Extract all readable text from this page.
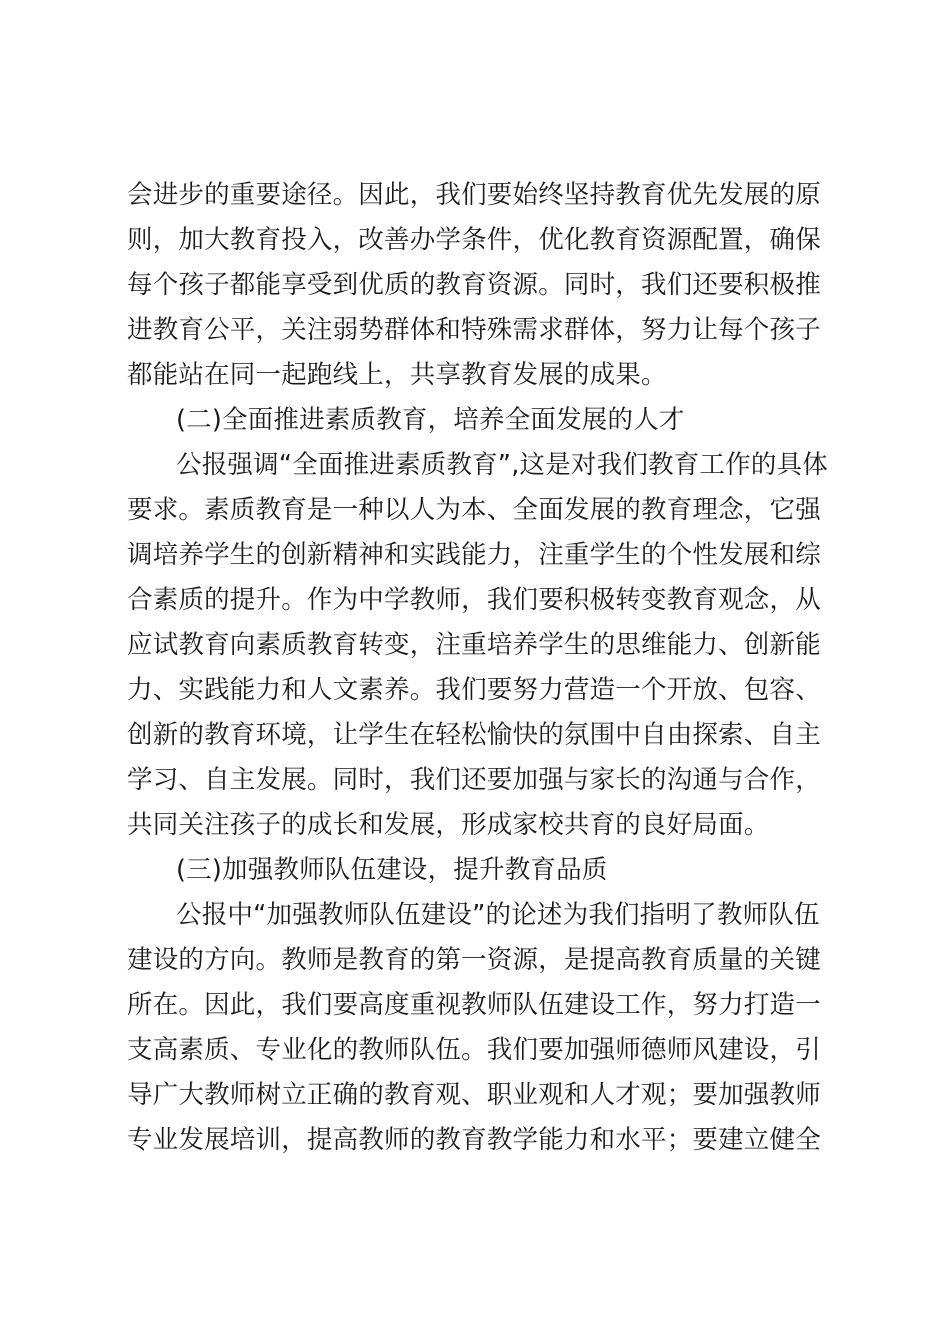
会进步的重要途径。因此，我们要始终坚持教育优先发展的原
则，加大教育投入，改善办学条件，优化教育资源配置，确保
每个孩子都能享受到优质的教育资源。同时，我们还要积极推
进教育公平，关注弱势群体和特殊需求群体，努力让每个孩子
都能站在同一起跑线上，共享教育发展的成果。
(二)全面推进素质教育，培养全面发展的人才
公报强调“全面推进素质教育”,这是对我们教育工作的具体
要求。素质教育是一种以人为本、全面发展的教育理念，它强
调培养学生的创新精神和实践能力，注重学生的个性发展和综
合素质的提升。作为中学教师，我们要积极转变教育观念，从
应试教育向素质教育转变，注重培养学生的思维能力、创新能
力、实践能力和人文素养。我们要努力营造一个开放、包容、
创新的教育环境，让学生在轻松愉快的氛围中自由探索、自主
学习、自主发展。同时，我们还要加强与家长的沟通与合作，
共同关注孩子的成长和发展，形成家校共育的良好局面。
(三)加强教师队伍建设，提升教育品质
公报中“加强教师队伍建设”的论述为我们指明了教师队伍
建设的方向。教师是教育的第一资源，是提高教育质量的关键
所在。因此，我们要高度重视教师队伍建设工作，努力打造一
支高素质、专业化的教师队伍。我们要加强师德师风建设，引
导广大教师树立正确的教育观、职业观和人才观；要加强教师
专业发展培训，提高教师的教育教学能力和水平；要建立健全
